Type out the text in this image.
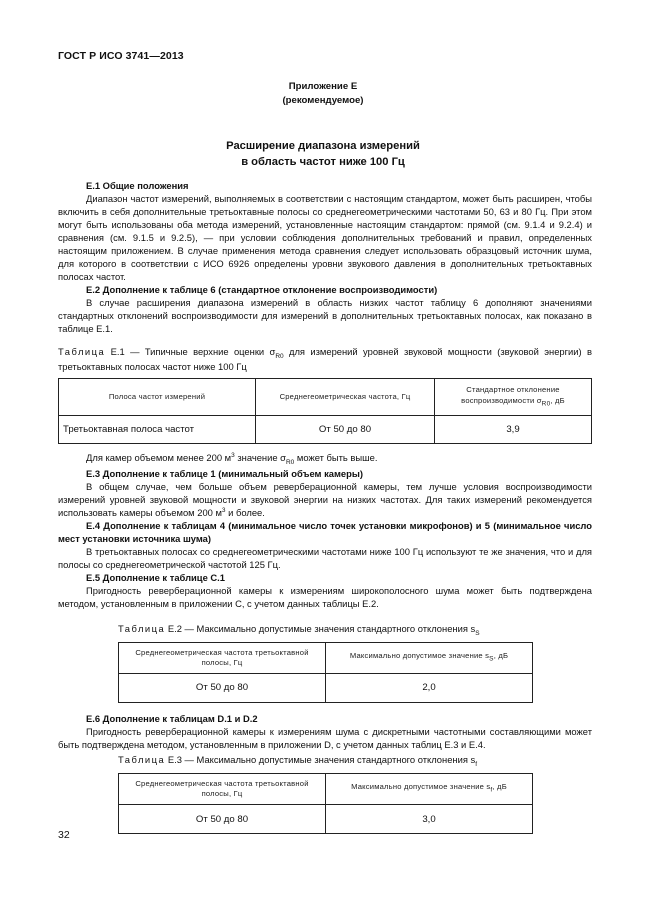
ГОСТ Р ИСО 3741—2013
Приложение Е
(рекомендуемое)
Расширение диапазона измерений
в область частот ниже 100 Гц

Е.1 Общие положения

Диапазон частот измерений, выполняемых в соответствии с настоящим стандартом, может быть расширен, чтобы включить в себя дополнительные третьоктавные полосы со среднегеометрическими частотами 50, 63 и 80 Гц. При этом могут быть использованы оба метода измерений, установленные настоящим стандартом: прямой (см. 9.1.4 и 9.2.4) и сравнения (см. 9.1.5 и 9.2.5), — при условии соблюдения дополнительных требований и правил, определенных настоящим приложением. В случае применения метода сравнения следует использовать образцовый источник шума, для которого в соответствии с ИСО 6926 определены уровни звукового давления в дополнительных третьоктавных полосах частот.

Е.2 Дополнение к таблице 6 (стандартное отклонение воспроизводимости)

В случае расширения диапазона измерений в область низких частот таблицу 6 дополняют значениями стандартных отклонений воспроизводимости для измерений в дополнительных третьоктавных полосах, как показано в таблице Е.1.

Таблица Е.1 — Типичные верхние оценки $\sigma_{R0}$ для измерений уровней звуковой мощности (звуковой энергии) в третьоктавных полосах частот ниже 100 Гц

Полоса частот измерений	Среднегеометрическая частота, Гц	Стандартное отклонение воспроизводимости $\sigma_{R0}$, дБ
Третьоктавная полоса частот	От 50 до 80	3,9

Для камер объемом менее 200 $м^3$ значение $\sigma_{R0}$ может быть выше.

Е.3 Дополнение к таблице 1 (минимальный объем камеры)

В общем случае, чем больше объем реверберационной камеры, тем лучше условия воспроизводимости измерений уровней звуковой мощности и звуковой энергии на низких частотах. Для таких измерений рекомендуется использовать камеры объемом 200 $м^3$ и более.

Е.4 Дополнение к таблицам 4 (минимальное число точек установки микрофонов) и 5 (минимальное число мест установки источника шума)

В третьоктавных полосах со среднегеометрическими частотами ниже 100 Гц используют те же значения, что и для полосы со среднегеометрической частотой 125 Гц.

Е.5 Дополнение к таблице С.1

Пригодность реверберационной камеры к измерениям широкополосного шума может быть подтверждена методом, установленным в приложении С, с учетом данных таблицы Е.2.

Таблица Е.2 — Максимально допустимые значения стандартного отклонения $s_S$
Среднегеометрическая частота третьоктавной полосы, Гц	Максимально допустимое значение $s_S$, дБ
От 50 до 80	2,0

Е.6 Дополнение к таблицам D.1 и D.2

Пригодность реверберационной камеры к измерениям шума с дискретными частотными составляющими может быть подтверждена методом, установленным в приложении D, с учетом данных таблиц Е.3 и Е.4.

Таблица Е.3 — Максимально допустимые значения стандартного отклонения $s_f$
Среднегеометрическая частота третьоктавной полосы, Гц	Максимально допустимое значение $s_f$, дБ
От 50 до 80	3,0
32
